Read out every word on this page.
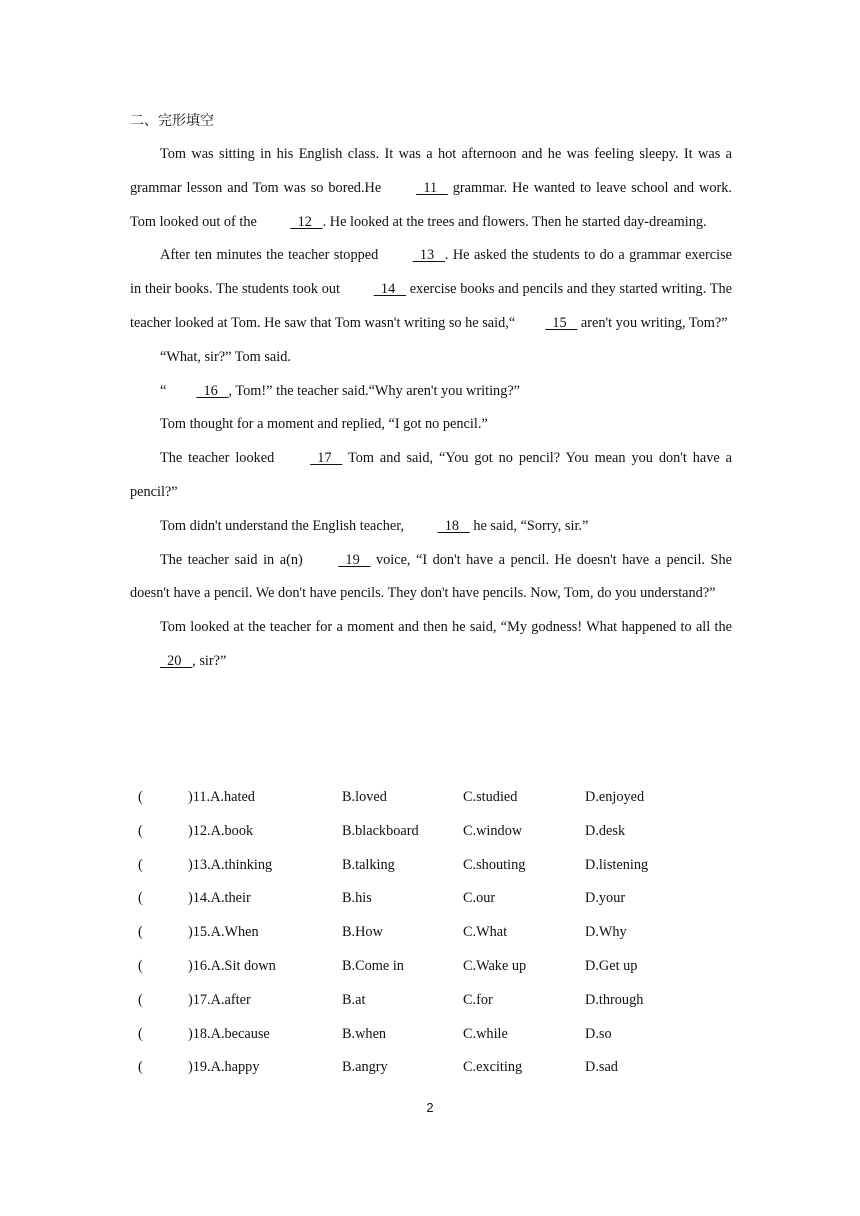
二、完形填空

Tom was sitting in his English class. It was a hot afternoon and he was feeling sleepy. It was a grammar lesson and Tom was so bored.He   11    grammar. He wanted to leave school and work. Tom looked out of the   12   . He looked at the trees and flowers. Then he started day-dreaming.

After ten minutes the teacher stopped   13   . He asked the students to do a grammar exercise in their books. The students took out   14    exercise books and pencils and they started writing. The teacher looked at Tom. He saw that Tom wasn't writing so he said,“  15    aren't you writing, Tom?”

“What, sir?” Tom said.

“  16   , Tom!” the teacher said.“Why aren't you writing?”

Tom thought for a moment and replied, “I got no pencil.”

The teacher looked   17    Tom and said, “You got no pencil? You mean you don't have a pencil?”

Tom didn't understand the English teacher,   18    he said, “Sorry, sir.”

The teacher said in a(n)   19    voice, “I don't have a pencil. He doesn't have a pencil. She doesn't have a pencil. We don't have pencils. They don't have pencils. Now, Tom, do you understand?”

Tom looked at the teacher for a moment and then he said, “My godness! What happened to all the   20   , sir?”

(	)11.A.hated	B.loved	C.studied	D.enjoyed
(	)12.A.book	B.blackboard	C.window	D.desk
(	)13.A.thinking	B.talking	C.shouting	D.listening
(	)14.A.their	B.his	C.our	D.your
(	)15.A.When	B.How	C.What	D.Why
(	)16.A.Sit down	B.Come in	C.Wake up	D.Get up
(	)17.A.after	B.at	C.for	D.through
(	)18.A.because	B.when	C.while	D.so
(	)19.A.happy	B.angry	C.exciting	D.sad
2
